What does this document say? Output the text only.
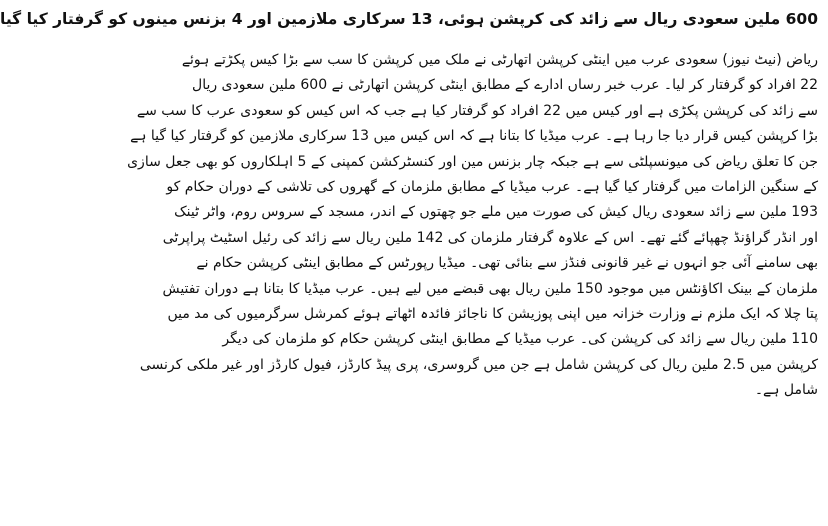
600 ملین سعودی ریال سے زائد کی کرپشن ہوئی، 13 سرکاری ملازمین اور 4 بزنس مینوں کو گرفتار کیا گیا
ریاض (نیٹ نیوز) سعودی عرب میں اینٹی کرپشن اتھارٹی نے ملک میں کرپشن کا سب سے بڑا کیس پکڑتے ہوئے
22 افراد کو گرفتار کر لیا۔ عرب خبر رساں ادارے کے مطابق اینٹی کرپشن اتھارٹی نے 600 ملین سعودی ریال
سے زائد کی کرپشن پکڑی ہے اور کیس میں 22 افراد کو گرفتار کیا ہے جب کہ اس کیس کو سعودی عرب کا سب سے
بڑا کرپشن کیس قرار دیا جا رہا ہے۔ عرب میڈیا کا بتانا ہے کہ اس کیس میں 13 سرکاری ملازمین کو گرفتار کیا گیا ہے
جن کا تعلق ریاض کی میونسپلٹی سے ہے جبکہ چار بزنس مین اور کنسٹرکشن کمپنی کے 5 اہلکاروں کو بھی جعل سازی
کے سنگین الزامات میں گرفتار کیا گیا ہے۔ عرب میڈیا کے مطابق ملزمان کے گھروں کی تلاشی کے دوران حکام کو
193 ملین سے زائد سعودی ریال کیش کی صورت میں ملے جو چھتوں کے اندر، مسجد کے سروس روم، واٹر ٹینک
اور انڈر گراؤنڈ چھپائے گئے تھے۔ اس کے علاوہ گرفتار ملزمان کی 142 ملین ریال سے زائد کی رئیل اسٹیٹ پراپرٹی
بھی سامنے آئی جو انہوں نے غیر قانونی فنڈز سے بنائی تھی۔ میڈیا رپورٹس کے مطابق اینٹی کرپشن حکام نے
ملزمان کے بینک اکاؤنٹس میں موجود 150 ملین ریال بھی قبضے میں لیے ہیں۔ عرب میڈیا کا بتانا ہے دوران تفتیش
پتا چلا کہ ایک ملزم نے وزارت خزانہ میں اپنی پوزیشن کا ناجائز فائدہ اٹھاتے ہوئے کمرشل سرگرمیوں کی مد میں
110 ملین ریال سے زائد کی کرپشن کی۔ عرب میڈیا کے مطابق اینٹی کرپشن حکام کو ملزمان کی دیگر
کرپشن میں 2.5 ملین ریال کی کرپشن شامل ہے جن میں گروسری، پری پیڈ کارڈز، فیول کارڈز اور غیر ملکی کرنسی
شامل ہے۔
